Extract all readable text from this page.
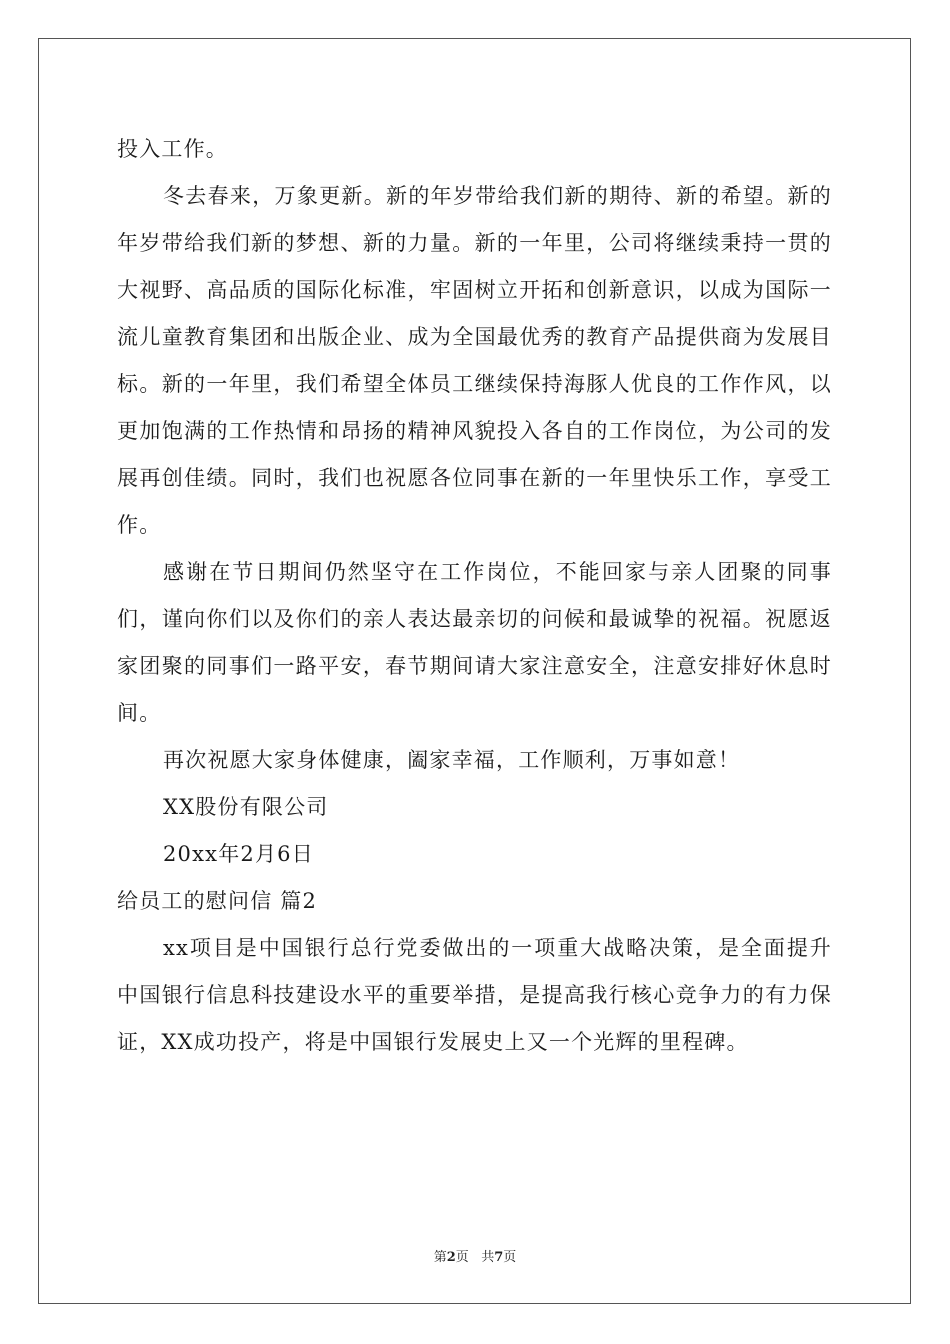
投入工作。

冬去春来，万象更新。新的年岁带给我们新的期待、新的希望。新的年岁带给我们新的梦想、新的力量。新的一年里，公司将继续秉持一贯的大视野、高品质的国际化标准，牢固树立开拓和创新意识，以成为国际一流儿童教育集团和出版企业、成为全国最优秀的教育产品提供商为发展目标。新的一年里，我们希望全体员工继续保持海豚人优良的工作作风，以更加饱满的工作热情和昂扬的精神风貌投入各自的工作岗位，为公司的发展再创佳绩。同时，我们也祝愿各位同事在新的一年里快乐工作，享受工作。

感谢在节日期间仍然坚守在工作岗位，不能回家与亲人团聚的同事们，谨向你们以及你们的亲人表达最亲切的问候和最诚挚的祝福。祝愿返家团聚的同事们一路平安，春节期间请大家注意安全，注意安排好休息时间。

再次祝愿大家身体健康，阖家幸福，工作顺利，万事如意！

XX股份有限公司

20xx年2月6日

给员工的慰问信 篇2

xx项目是中国银行总行党委做出的一项重大战略决策，是全面提升中国银行信息科技建设水平的重要举措，是提高我行核心竞争力的有力保证，XX成功投产，将是中国银行发展史上又一个光辉的里程碑。

第2页 共7页
